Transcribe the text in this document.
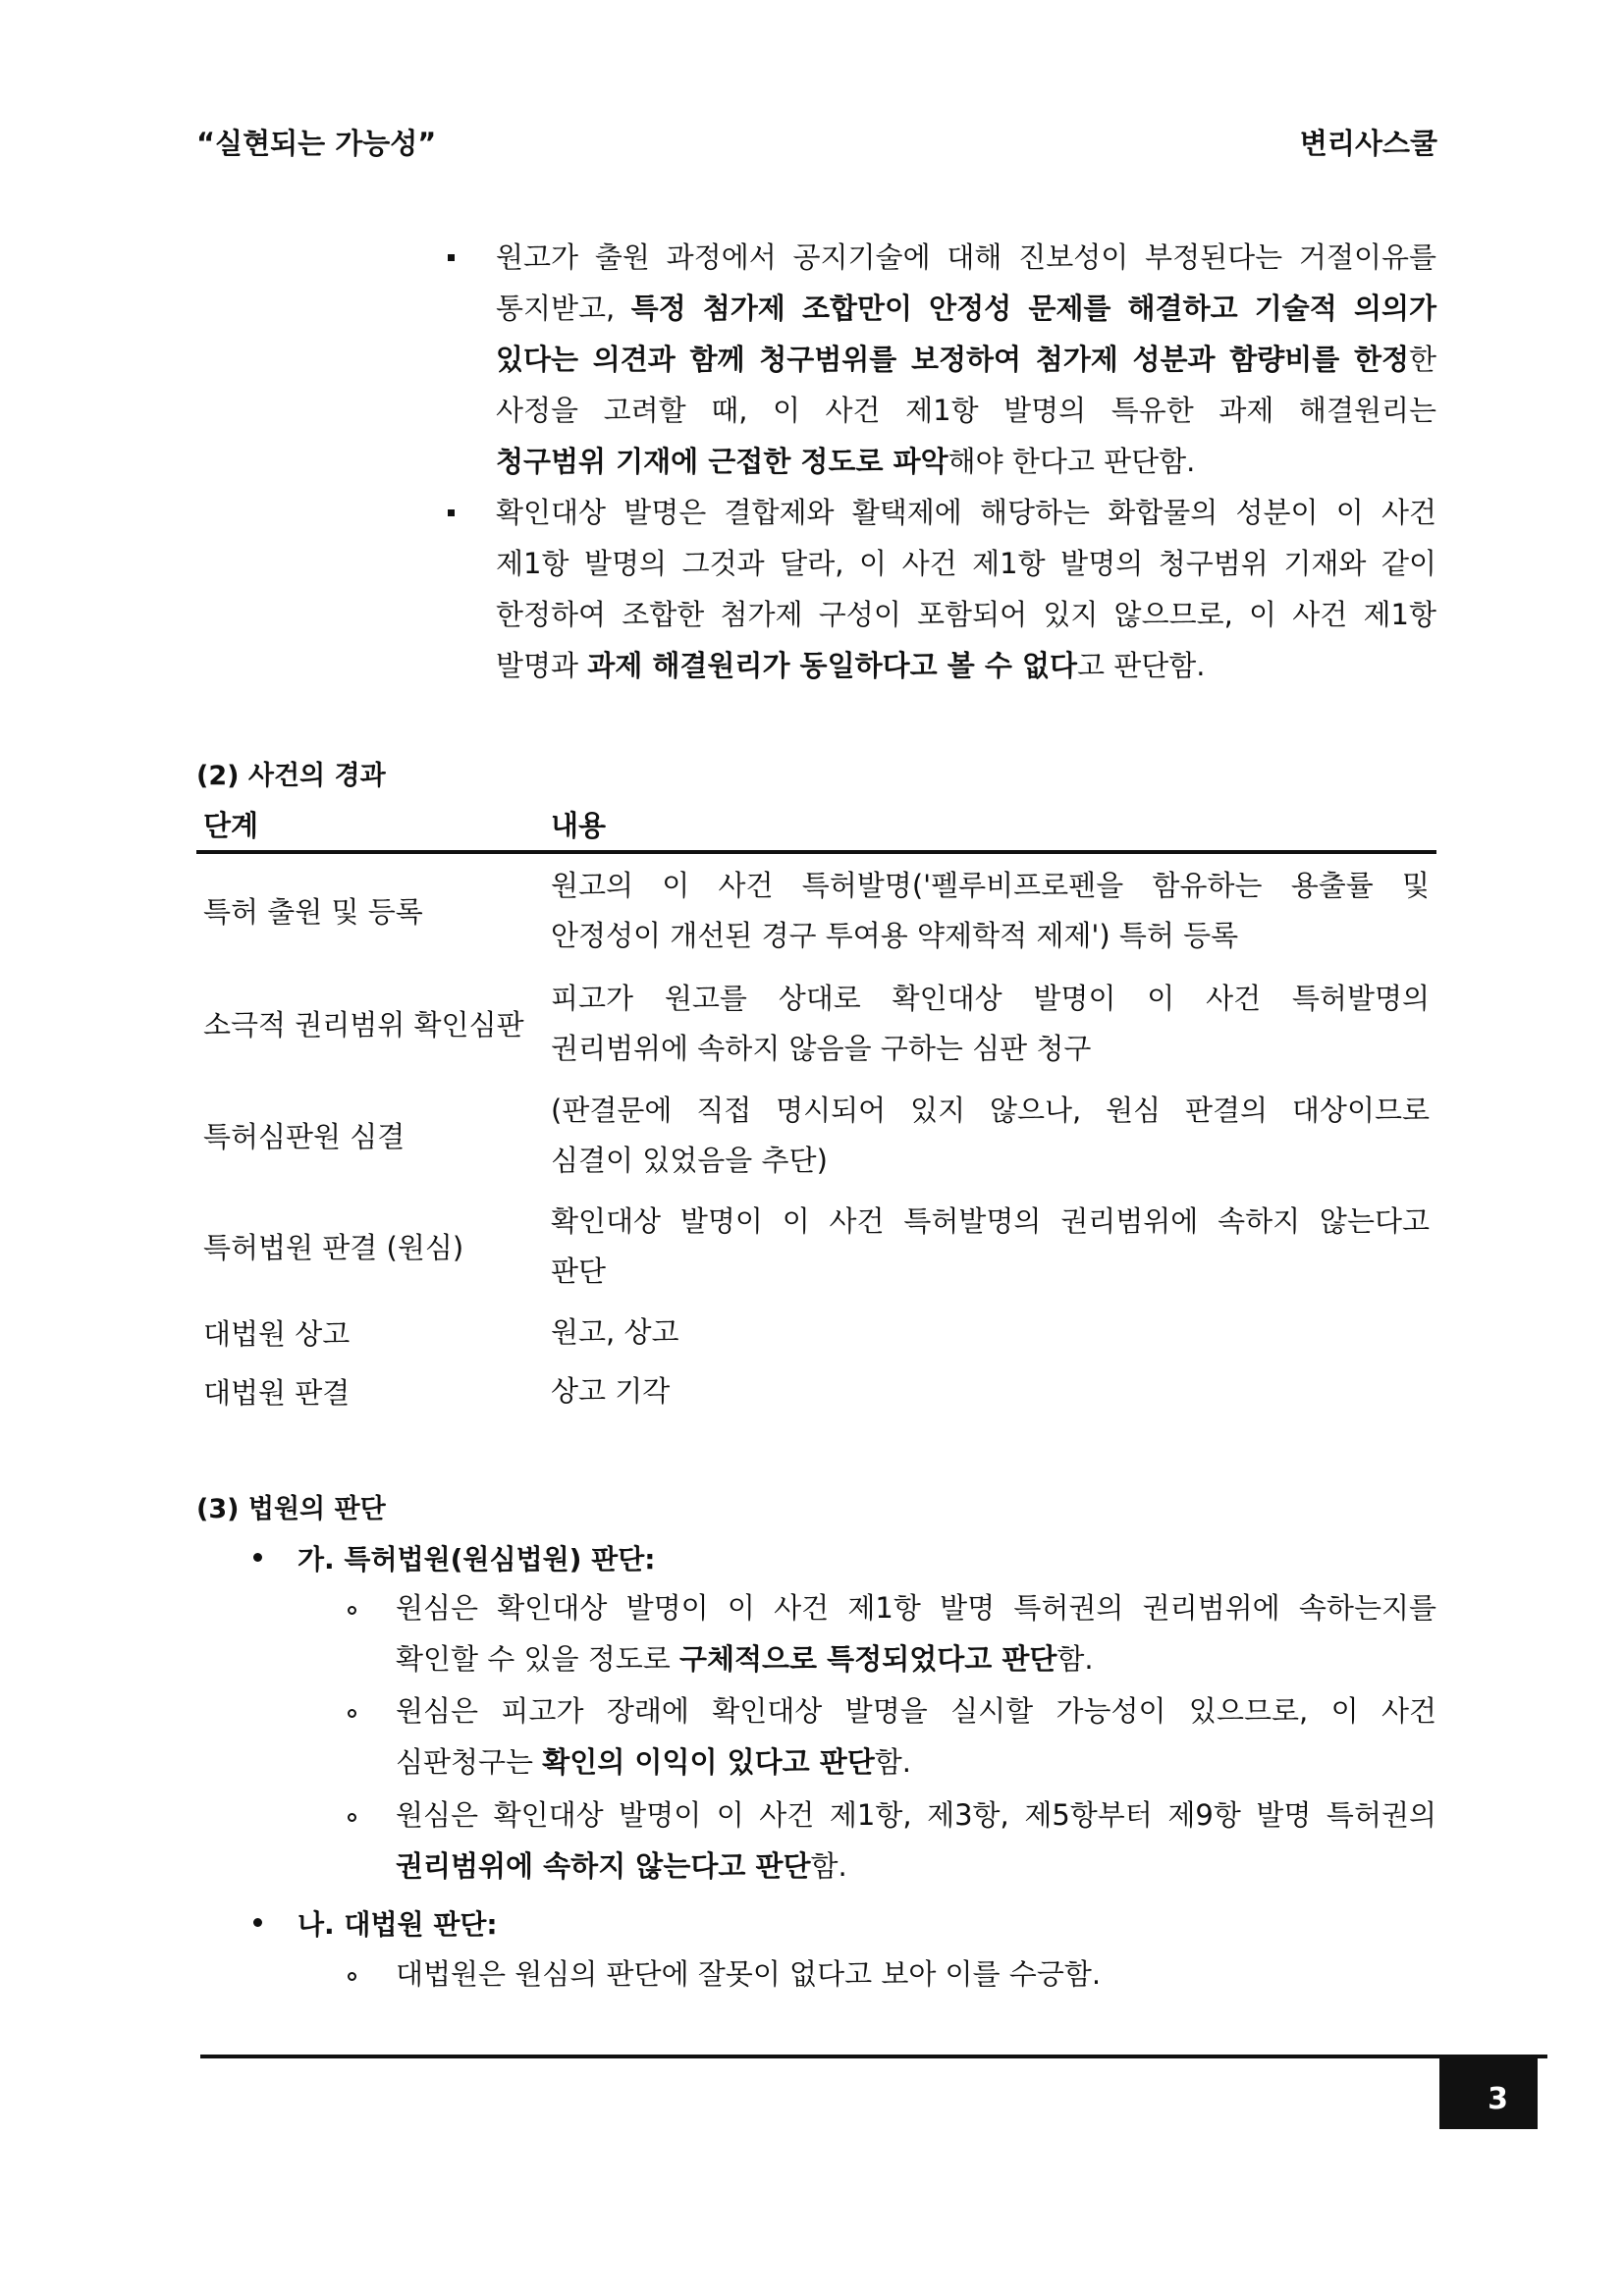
“실현되는 가능성”	변리사스쿨
원고가 출원 과정에서 공지기술에 대해 진보성이 부정된다는 거절이유를
통지받고, 특정 첨가제 조합만이 안정성 문제를 해결하고 기술적 의의가
있다는 의견과 함께 청구범위를 보정하여 첨가제 성분과 함량비를 한정한
사정을 고려할 때, 이 사건 제1항 발명의 특유한 과제 해결원리는
청구범위 기재에 근접한 정도로 파악해야 한다고 판단함.
확인대상 발명은 결합제와 활택제에 해당하는 화합물의 성분이 이 사건
제1항 발명의 그것과 달라, 이 사건 제1항 발명의 청구범위 기재와 같이
한정하여 조합한 첨가제 구성이 포함되어 있지 않으므로, 이 사건 제1항
발명과 과제 해결원리가 동일하다고 볼 수 없다고 판단함.
(2) 사건의 경과
단계	내용
특허 출원 및 등록	원고의 이 사건 특허발명('펠루비프로펜을 함유하는 용출률 및
안정성이 개선된 경구 투여용 약제학적 제제') 특허 등록

소극적 권리범위 확인심판	피고가 원고를 상대로 확인대상 발명이 이 사건 특허발명의
권리범위에 속하지 않음을 구하는 심판 청구

특허심판원 심결	(판결문에 직접 명시되어 있지 않으나, 원심 판결의 대상이므로
심결이 있었음을 추단)

특허법원 판결 (원심)	확인대상 발명이 이 사건 특허발명의 권리범위에 속하지 않는다고
판단

대법원 상고	원고, 상고

대법원 판결	상고 기각
(3) 법원의 판단
가. 특허법원(원심법원) 판단:
원심은 확인대상 발명이 이 사건 제1항 발명 특허권의 권리범위에 속하는지를
확인할 수 있을 정도로 구체적으로 특정되었다고 판단함.
원심은 피고가 장래에 확인대상 발명을 실시할 가능성이 있으므로, 이 사건
심판청구는 확인의 이익이 있다고 판단함.
원심은 확인대상 발명이 이 사건 제1항, 제3항, 제5항부터 제9항 발명 특허권의
권리범위에 속하지 않는다고 판단함.
나. 대법원 판단:
대법원은 원심의 판단에 잘못이 없다고 보아 이를 수긍함.
3
